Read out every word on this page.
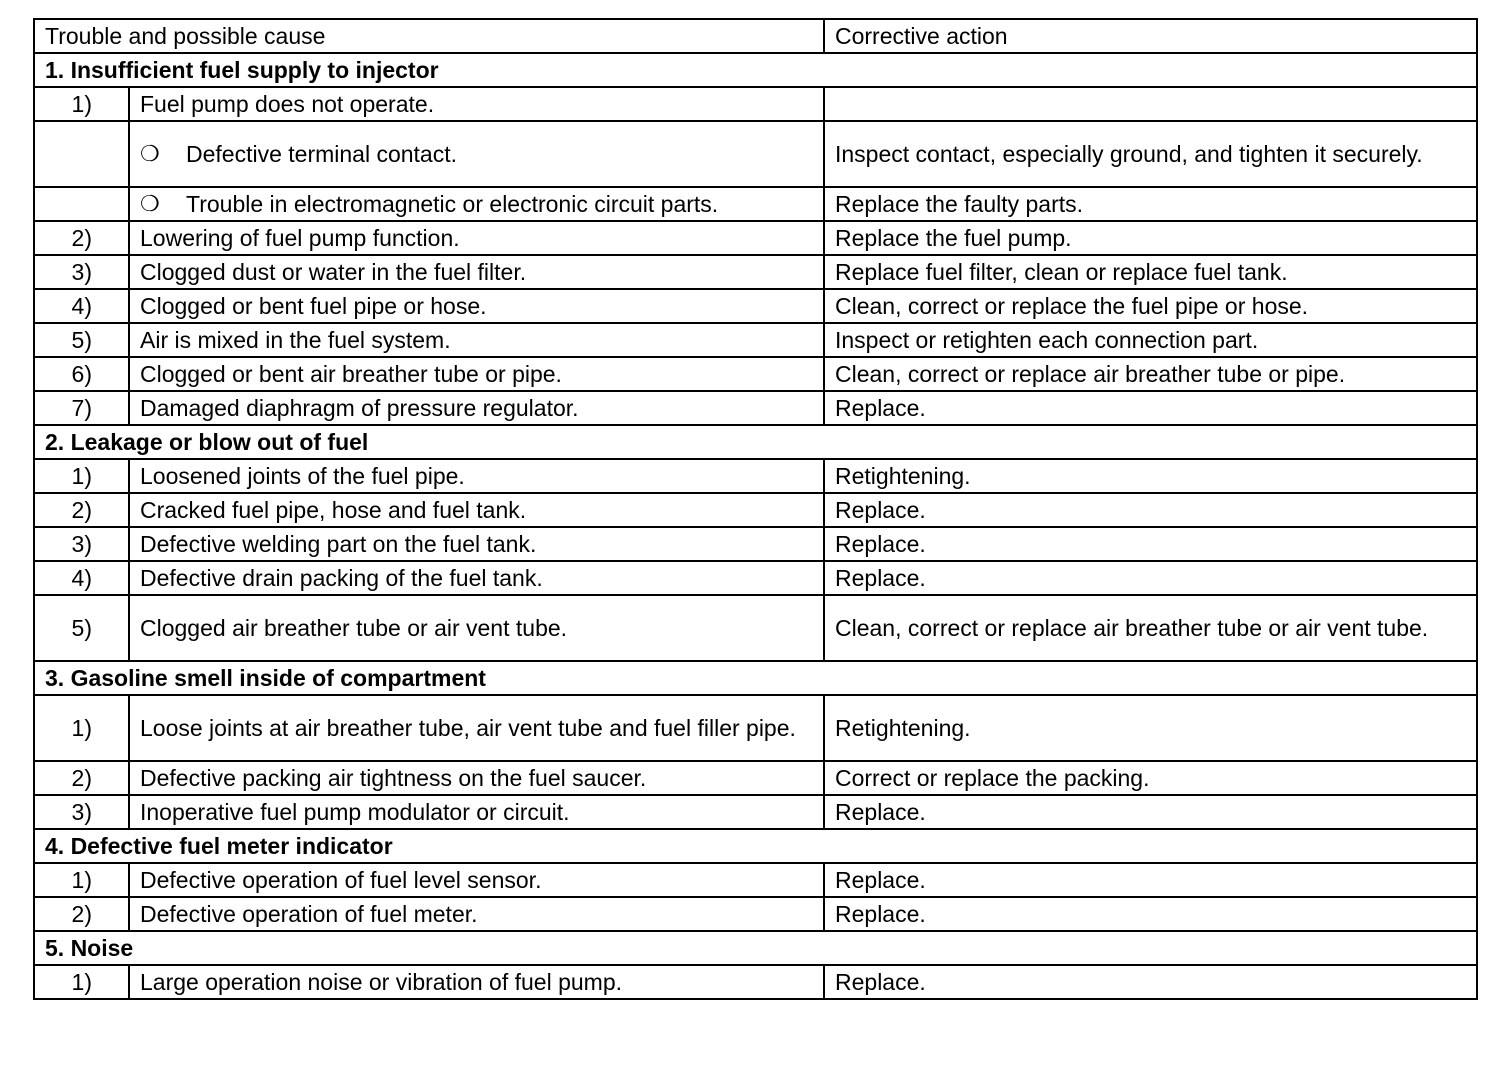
Trouble and possible cause		Corrective action
1. Insufficient fuel supply to injector		
1)	Fuel pump does not operate.	

	❍ Defective terminal contact.	Inspect contact, especially ground, and tighten it securely.

	❍ Trouble in electromagnetic or electronic circuit parts.	Replace the faulty parts.
2)	Lowering of fuel pump function.	Replace the fuel pump.
3)	Clogged dust or water in the fuel filter.	Replace fuel filter, clean or replace fuel tank.
4)	Clogged or bent fuel pipe or hose.	Clean, correct or replace the fuel pipe or hose.
5)	Air is mixed in the fuel system.	Inspect or retighten each connection part.
6)	Clogged or bent air breather tube or pipe.	Clean, correct or replace air breather tube or pipe.
7)	Damaged diaphragm of pressure regulator.	Replace.
2. Leakage or blow out of fuel		
1)	Loosened joints of the fuel pipe.	Retightening.
2)	Cracked fuel pipe, hose and fuel tank.	Replace.
3)	Defective welding part on the fuel tank.	Replace.
4)	Defective drain packing of the fuel tank.	Replace.
5)	Clogged air breather tube or air vent tube.	Clean, correct or replace air breather tube or air vent tube.
3. Gasoline smell inside of compartment		
1)	Loose joints at air breather tube, air vent tube and fuel filler pipe.	Retightening.
2)	Defective packing air tightness on the fuel saucer.	Correct or replace the packing.
3)	Inoperative fuel pump modulator or circuit.	Replace.
4. Defective fuel meter indicator		
1)	Defective operation of fuel level sensor.	Replace.
2)	Defective operation of fuel meter.	Replace.
5. Noise		
1)	Large operation noise or vibration of fuel pump.	Replace.
